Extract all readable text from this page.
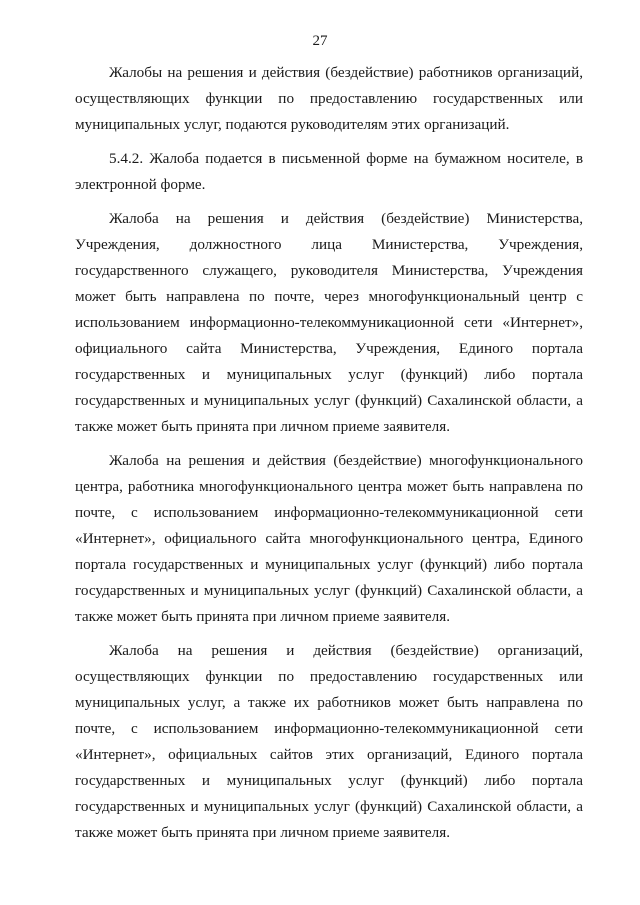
27

Жалобы на решения и действия (бездействие) работников организаций,
осуществляющих функции по предоставлению государственных или
муниципальных услуг, подаются руководителям этих организаций.

5.4.2. Жалоба подается в письменной форме на бумажном носителе, в
электронной форме.

Жалоба на решения и действия (бездействие) Министерства,
Учреждения, должностного лица Министерства, Учреждения,
государственного служащего, руководителя Министерства, Учреждения
может быть направлена по почте, через многофункциональный центр с
использованием информационно-телекоммуникационной сети «Интернет»,
официального сайта Министерства, Учреждения, Единого портала
государственных и муниципальных услуг (функций) либо портала
государственных и муниципальных услуг (функций) Сахалинской области, а
также может быть принята при личном приеме заявителя.

Жалоба на решения и действия (бездействие) многофункционального
центра, работника многофункционального центра может быть направлена по
почте, с использованием информационно-телекоммуникационной сети
«Интернет», официального сайта многофункционального центра, Единого
портала государственных и муниципальных услуг (функций) либо портала
государственных и муниципальных услуг (функций) Сахалинской области, а
также может быть принята при личном приеме заявителя.

Жалоба на решения и действия (бездействие) организаций,
осуществляющих функции по предоставлению государственных или
муниципальных услуг, а также их работников может быть направлена по
почте, с использованием информационно-телекоммуникационной сети
«Интернет», официальных сайтов этих организаций, Единого портала
государственных и муниципальных услуг (функций) либо портала
государственных и муниципальных услуг (функций) Сахалинской области, а
также может быть принята при личном приеме заявителя.
